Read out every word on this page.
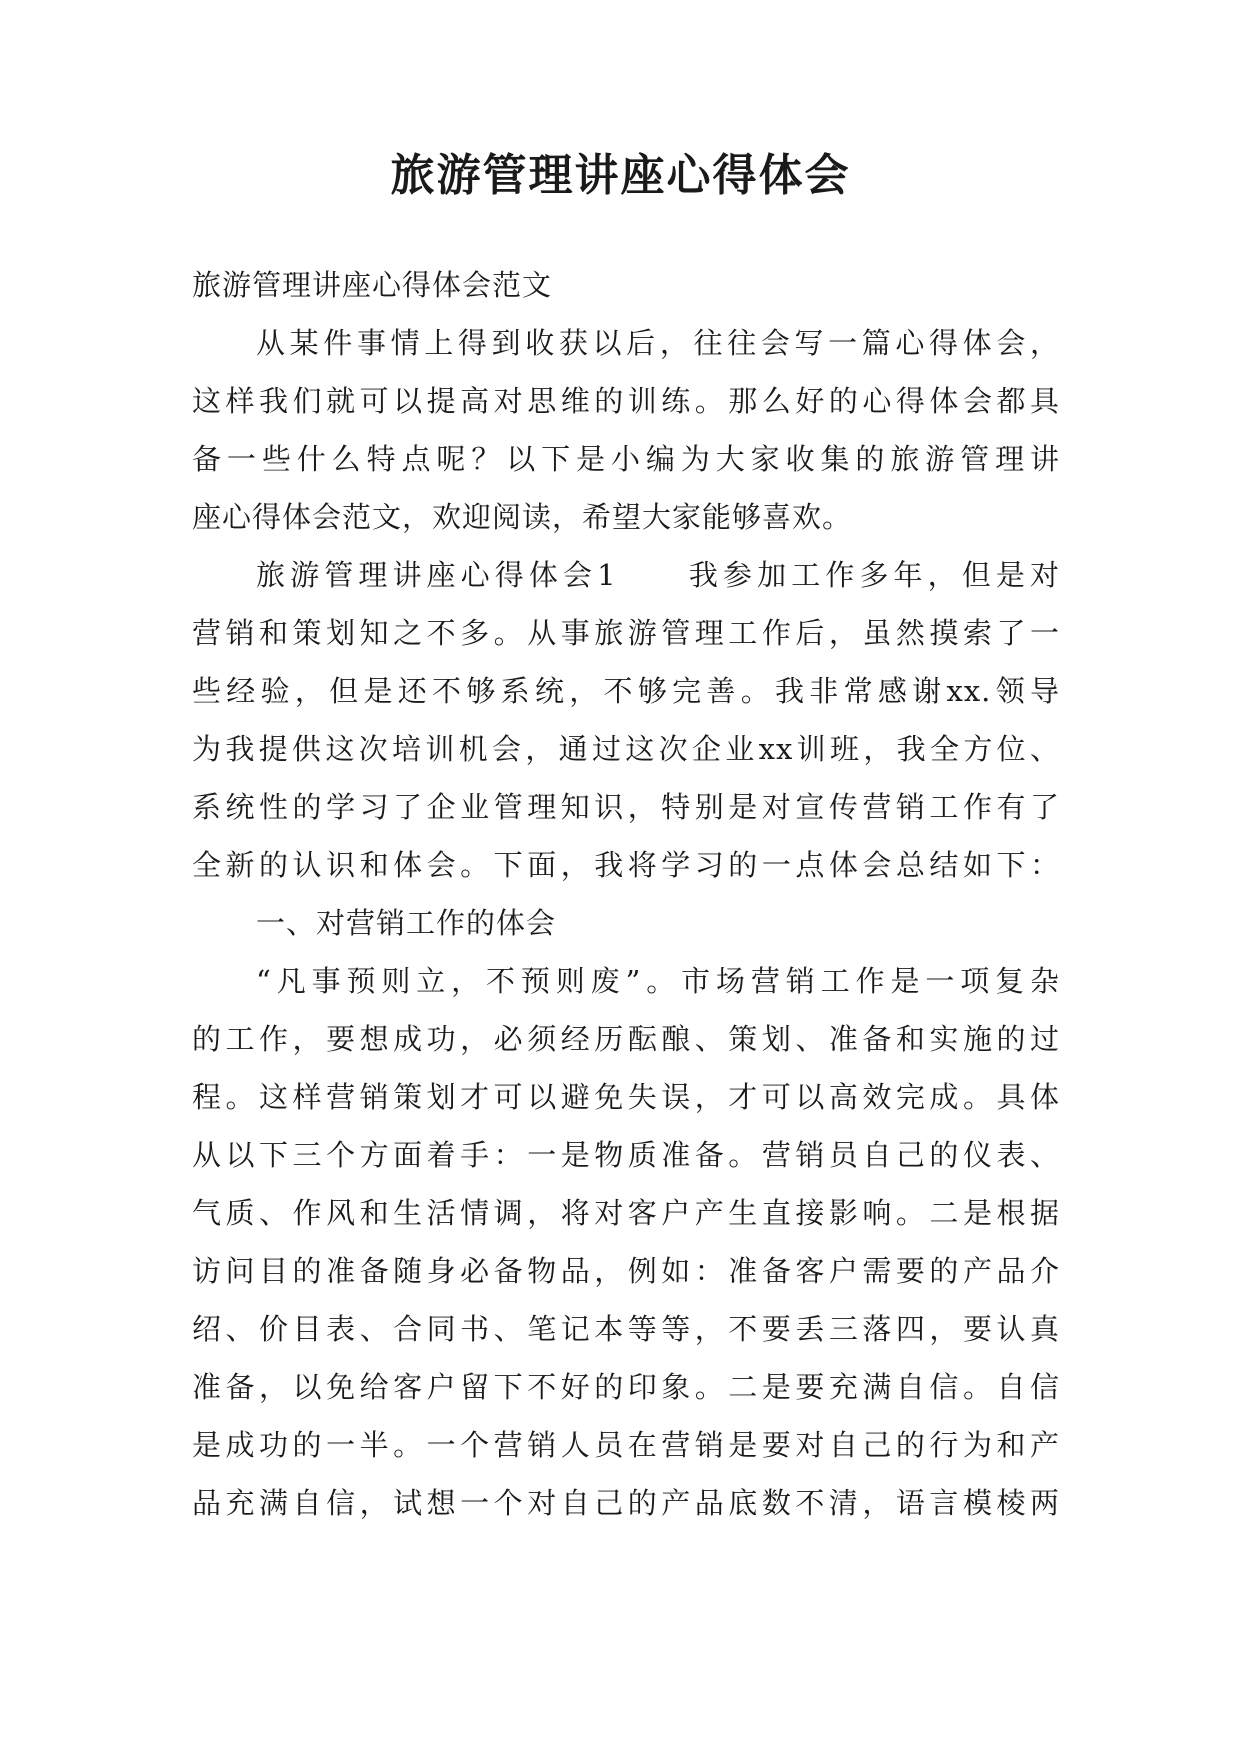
旅游管理讲座心得体会
旅游管理讲座心得体会范文
从某件事情上得到收获以后，往往会写一篇心得体会，
这样我们就可以提高对思维的训练。那么好的心得体会都具
备一些什么特点呢？以下是小编为大家收集的旅游管理讲
座心得体会范文，欢迎阅读，希望大家能够喜欢。
旅游管理讲座心得体会1　　我参加工作多年，但是对
营销和策划知之不多。从事旅游管理工作后，虽然摸索了一
些经验，但是还不够系统，不够完善。我非常感谢xx.领导
为我提供这次培训机会，通过这次企业xx训班，我全方位、
系统性的学习了企业管理知识，特别是对宣传营销工作有了
全新的认识和体会。下面，我将学习的一点体会总结如下：
一、对营销工作的体会
“凡事预则立，不预则废”。市场营销工作是一项复杂
的工作，要想成功，必须经历酝酿、策划、准备和实施的过
程。这样营销策划才可以避免失误，才可以高效完成。具体
从以下三个方面着手：一是物质准备。营销员自己的仪表、
气质、作风和生活情调，将对客户产生直接影响。二是根据
访问目的准备随身必备物品，例如：准备客户需要的产品介
绍、价目表、合同书、笔记本等等，不要丢三落四，要认真
准备，以免给客户留下不好的印象。二是要充满自信。自信
是成功的一半。一个营销人员在营销是要对自己的行为和产
品充满自信，试想一个对自己的产品底数不清，语言模棱两
